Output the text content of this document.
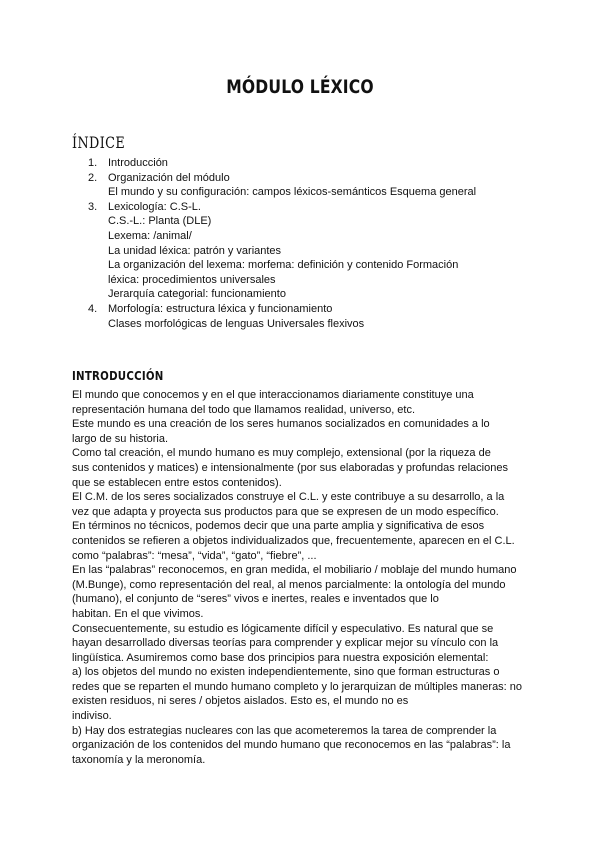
MÓDULO LÉXICO
ÍNDICE
1. Introducción
2. Organización del módulo
El mundo y su configuración: campos léxicos-semánticos Esquema general
3. Lexicología: C.S-L.
C.S.-L.: Planta (DLE)
Lexema: /animal/
La unidad léxica: patrón y variantes
La organización del lexema: morfema: definición y contenido Formación
léxica: procedimientos universales
Jerarquía categorial: funcionamiento
4. Morfología: estructura léxica y funcionamiento
Clases morfológicas de lenguas Universales flexivos
INTRODUCCIÓN
El mundo que conocemos y en el que interaccionamos diariamente constituye una
representación humana del todo que llamamos realidad, universo, etc.
Este mundo es una creación de los seres humanos socializados en comunidades a lo
largo de su historia.
Como tal creación, el mundo humano es muy complejo, extensional (por la riqueza de
sus contenidos y matices) e intensionalmente (por sus elaboradas y profundas relaciones
que se establecen entre estos contenidos).
El C.M. de los seres socializados construye el C.L. y este contribuye a su desarrollo, a la
vez que adapta y proyecta sus productos para que se expresen de un modo específico.
En términos no técnicos, podemos decir que una parte amplia y significativa de esos
contenidos se refieren a objetos individualizados que, frecuentemente, aparecen en el C.L.
como “palabras”: “mesa”, “vida”, “gato”, “fiebre”, ...
En las “palabras” reconocemos, en gran medida, el mobiliario / moblaje del mundo humano
(M.Bunge), como representación del real, al menos parcialmente: la ontología del mundo
(humano), el conjunto de “seres” vivos e inertes, reales e inventados que lo
habitan. En el que vivimos.
Consecuentemente, su estudio es lógicamente difícil y especulativo. Es natural que se
hayan desarrollado diversas teorías para comprender y explicar mejor su vínculo con la
lingüística. Asumiremos como base dos principios para nuestra exposición elemental:
a) los objetos del mundo no existen independientemente, sino que forman estructuras o
redes que se reparten el mundo humano completo y lo jerarquizan de múltiples maneras: no
existen residuos, ni seres / objetos aislados. Esto es, el mundo no es
indiviso.
b) Hay dos estrategias nucleares con las que acometeremos la tarea de comprender la
organización de los contenidos del mundo humano que reconocemos en las “palabras”: la
taxonomía y la meronomía.
